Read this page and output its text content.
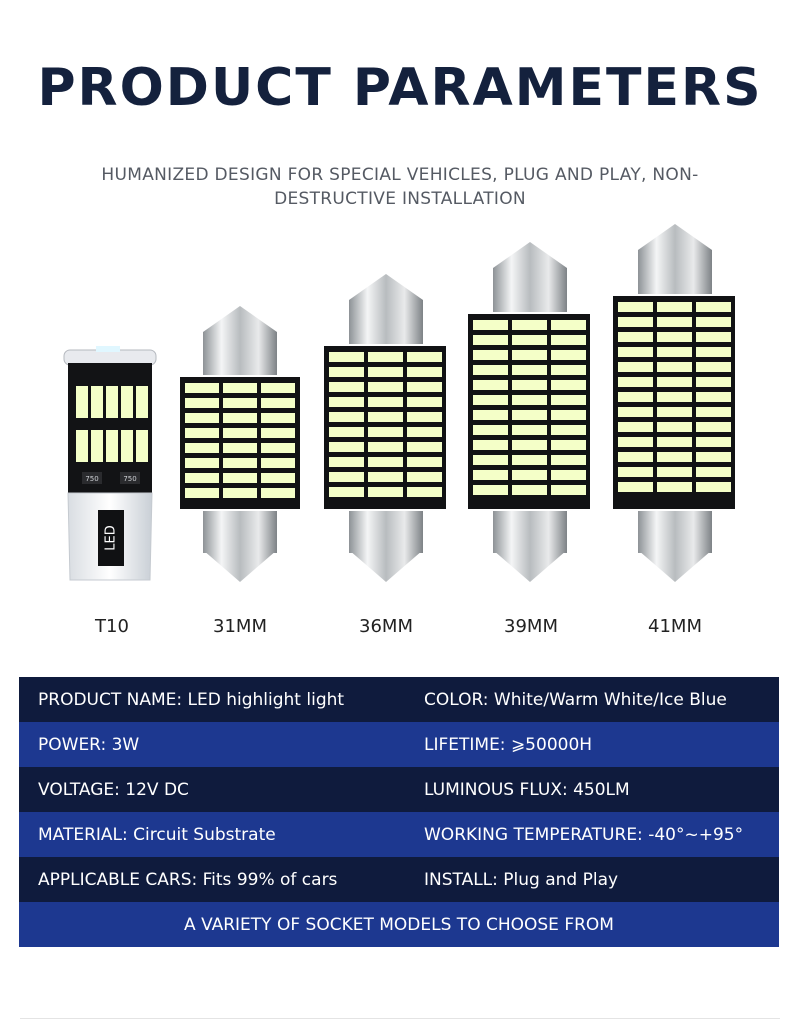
PRODUCT PARAMETERS
HUMANIZED DESIGN FOR SPECIAL VEHICLES, PLUG AND PLAY, NON-
DESTRUCTIVE INSTALLATION
750	750
LED
T10	31MM	36MM	39MM	41MM
PRODUCT NAME: LED highlight light	COLOR: White/Warm White/Ice Blue
POWER: 3W	LIFETIME: ⩾50000H
VOLTAGE: 12V DC	LUMINOUS FLUX: 450LM
MATERIAL: Circuit Substrate	WORKING TEMPERATURE: -40°~+95°
APPLICABLE CARS: Fits 99% of cars	INSTALL: Plug and Play
A VARIETY OF SOCKET MODELS TO CHOOSE FROM
